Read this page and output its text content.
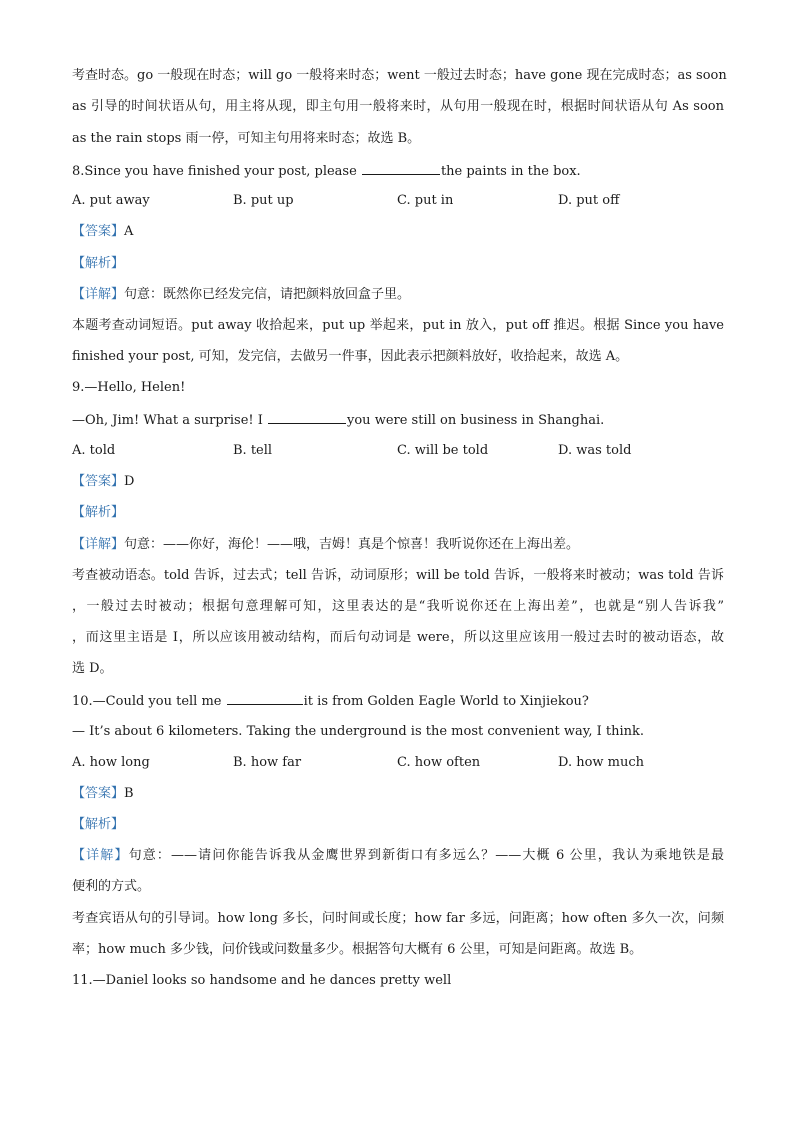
考查时态。go 一般现在时态；will go 一般将来时态；went 一般过去时态；have gone 现在完成时态；as soon
as 引导的时间状语从句，用主将从现，即主句用一般将来时，从句用一般现在时，根据时间状语从句 As soon
as the rain stops 雨一停，可知主句用将来时态；故选 B。
8.Since you have finished your post, please	the paints in the box.
A. put away	B. put up	C. put in	D. put off
【答案】A
【解析】
【详解】句意：既然你已经发完信，请把颜料放回盒子里。
本题考查动词短语。put away 收拾起来，put up 举起来，put in 放入，put off 推迟。根据 Since you have
finished your post, 可知，发完信，去做另一件事，因此表示把颜料放好，收拾起来，故选 A。
9.—Hello, Helen!
—Oh, Jim! What a surprise! I	you were still on business in Shanghai.
A. told	B. tell	C. will be told	D. was told
【答案】D
【解析】
【详解】句意：——你好，海伦！——哦，吉姆！真是个惊喜！我听说你还在上海出差。
考查被动语态。told 告诉，过去式；tell 告诉，动词原形；will be told 告诉，一般将来时被动；was told 告诉
，一般过去时被动；根据句意理解可知，这里表达的是“我听说你还在上海出差”，也就是“别人告诉我”
，而这里主语是 I，所以应该用被动结构，而后句动词是 were，所以这里应该用一般过去时的被动语态，故
选 D。
10.—Could you tell me	it is from Golden Eagle World to Xinjiekou?
— It’s about 6 kilometers. Taking the underground is the most convenient way, I think.
A. how long	B. how far	C. how often	D. how much
【答案】B
【解析】
【详解】句意：——请问你能告诉我从金鹰世界到新街口有多远么？——大概 6 公里，我认为乘地铁是最
便利的方式。
考查宾语从句的引导词。how long 多长，问时间或长度；how far 多远，问距离；how often 多久一次，问频
率；how much 多少钱，问价钱或问数量多少。根据答句大概有 6 公里，可知是问距离。故选 B。
11.—Daniel looks so handsome and he dances pretty well
